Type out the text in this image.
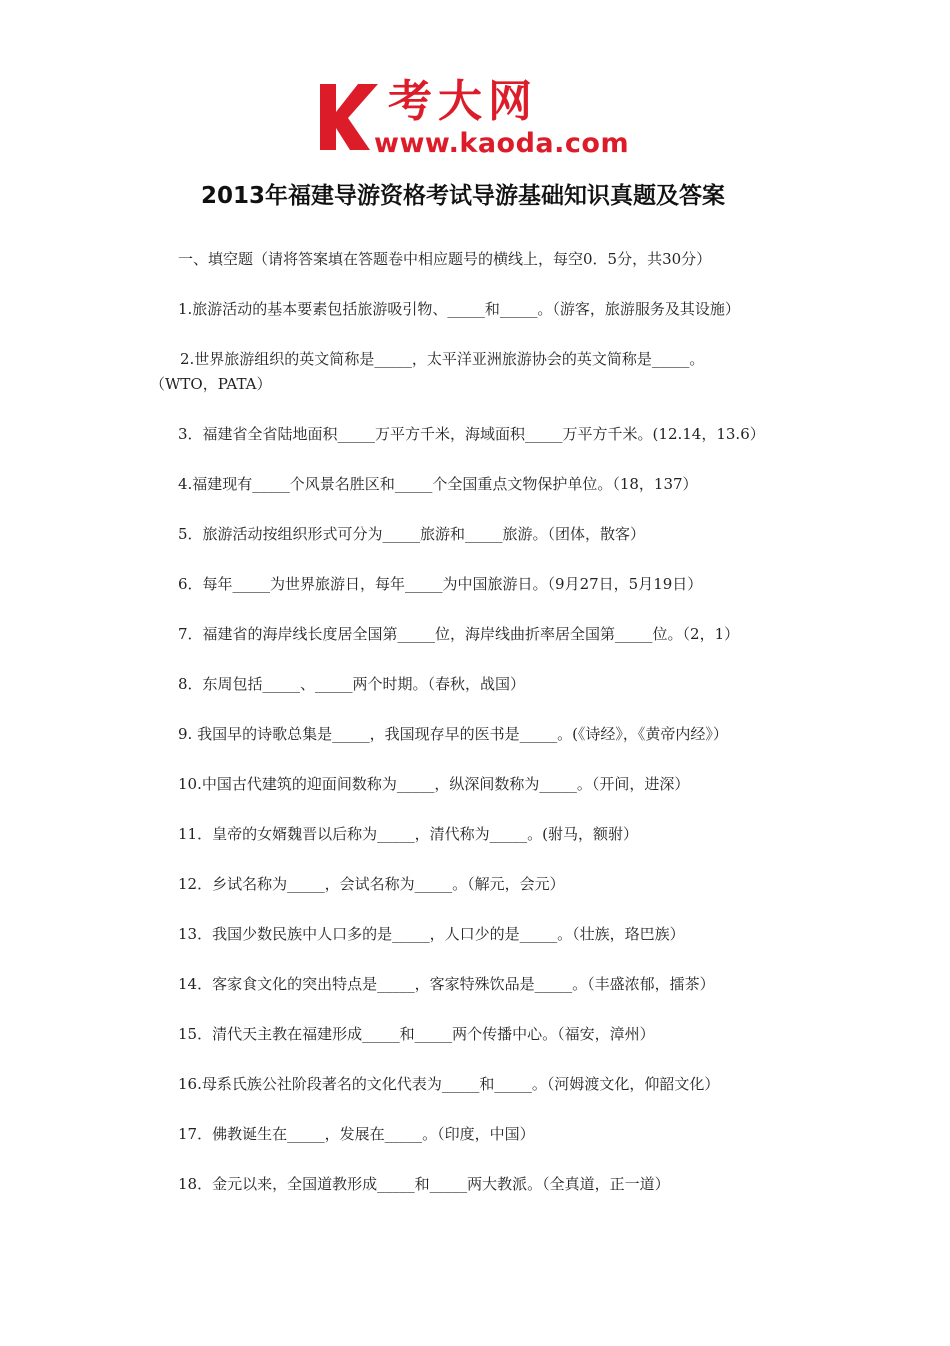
考大网
www.kaoda.com
2013年福建导游资格考试导游基础知识真题及答案
一、填空题（请将答案填在答题卷中相应题号的横线上，每空0．5分，共30分）
1.旅游活动的基本要素包括旅游吸引物、_____和_____。（游客，旅游服务及其设施）
2.世界旅游组织的英文简称是_____，太平洋亚洲旅游协会的英文简称是_____。
（WTO，PATA）
3．福建省全省陆地面积_____万平方千米，海域面积_____万平方千米。(12.14，13.6）
4.福建现有_____个风景名胜区和_____个全国重点文物保护单位。（18，137）
5．旅游活动按组织形式可分为_____旅游和_____旅游。（团体，散客）
6．每年_____为世界旅游日，每年_____为中国旅游日。（9月27日，5月19日）
7．福建省的海岸线长度居全国第_____位，海岸线曲折率居全国第_____位。（2，1）
8．东周包括_____、_____两个时期。（春秋，战国）
9. 我国早的诗歌总集是_____，我国现存早的医书是_____。(《诗经》，《黄帝内经》）
10.中国古代建筑的迎面间数称为_____，纵深间数称为_____。（开间，进深）
11．皇帝的女婿魏晋以后称为_____，清代称为_____。(驸马，额驸）
12．乡试名称为_____，会试名称为_____。（解元，会元）
13．我国少数民族中人口多的是_____，人口少的是_____。（壮族，珞巴族）
14．客家食文化的突出特点是_____，客家特殊饮品是_____。（丰盛浓郁，擂茶）
15．清代天主教在福建形成_____和_____两个传播中心。（福安，漳州）
16.母系氏族公社阶段著名的文化代表为_____和_____。（河姆渡文化，仰韶文化）
17．佛教诞生在_____，发展在_____。（印度，中国）
18．金元以来，全国道教形成_____和_____两大教派。（全真道，正一道）
